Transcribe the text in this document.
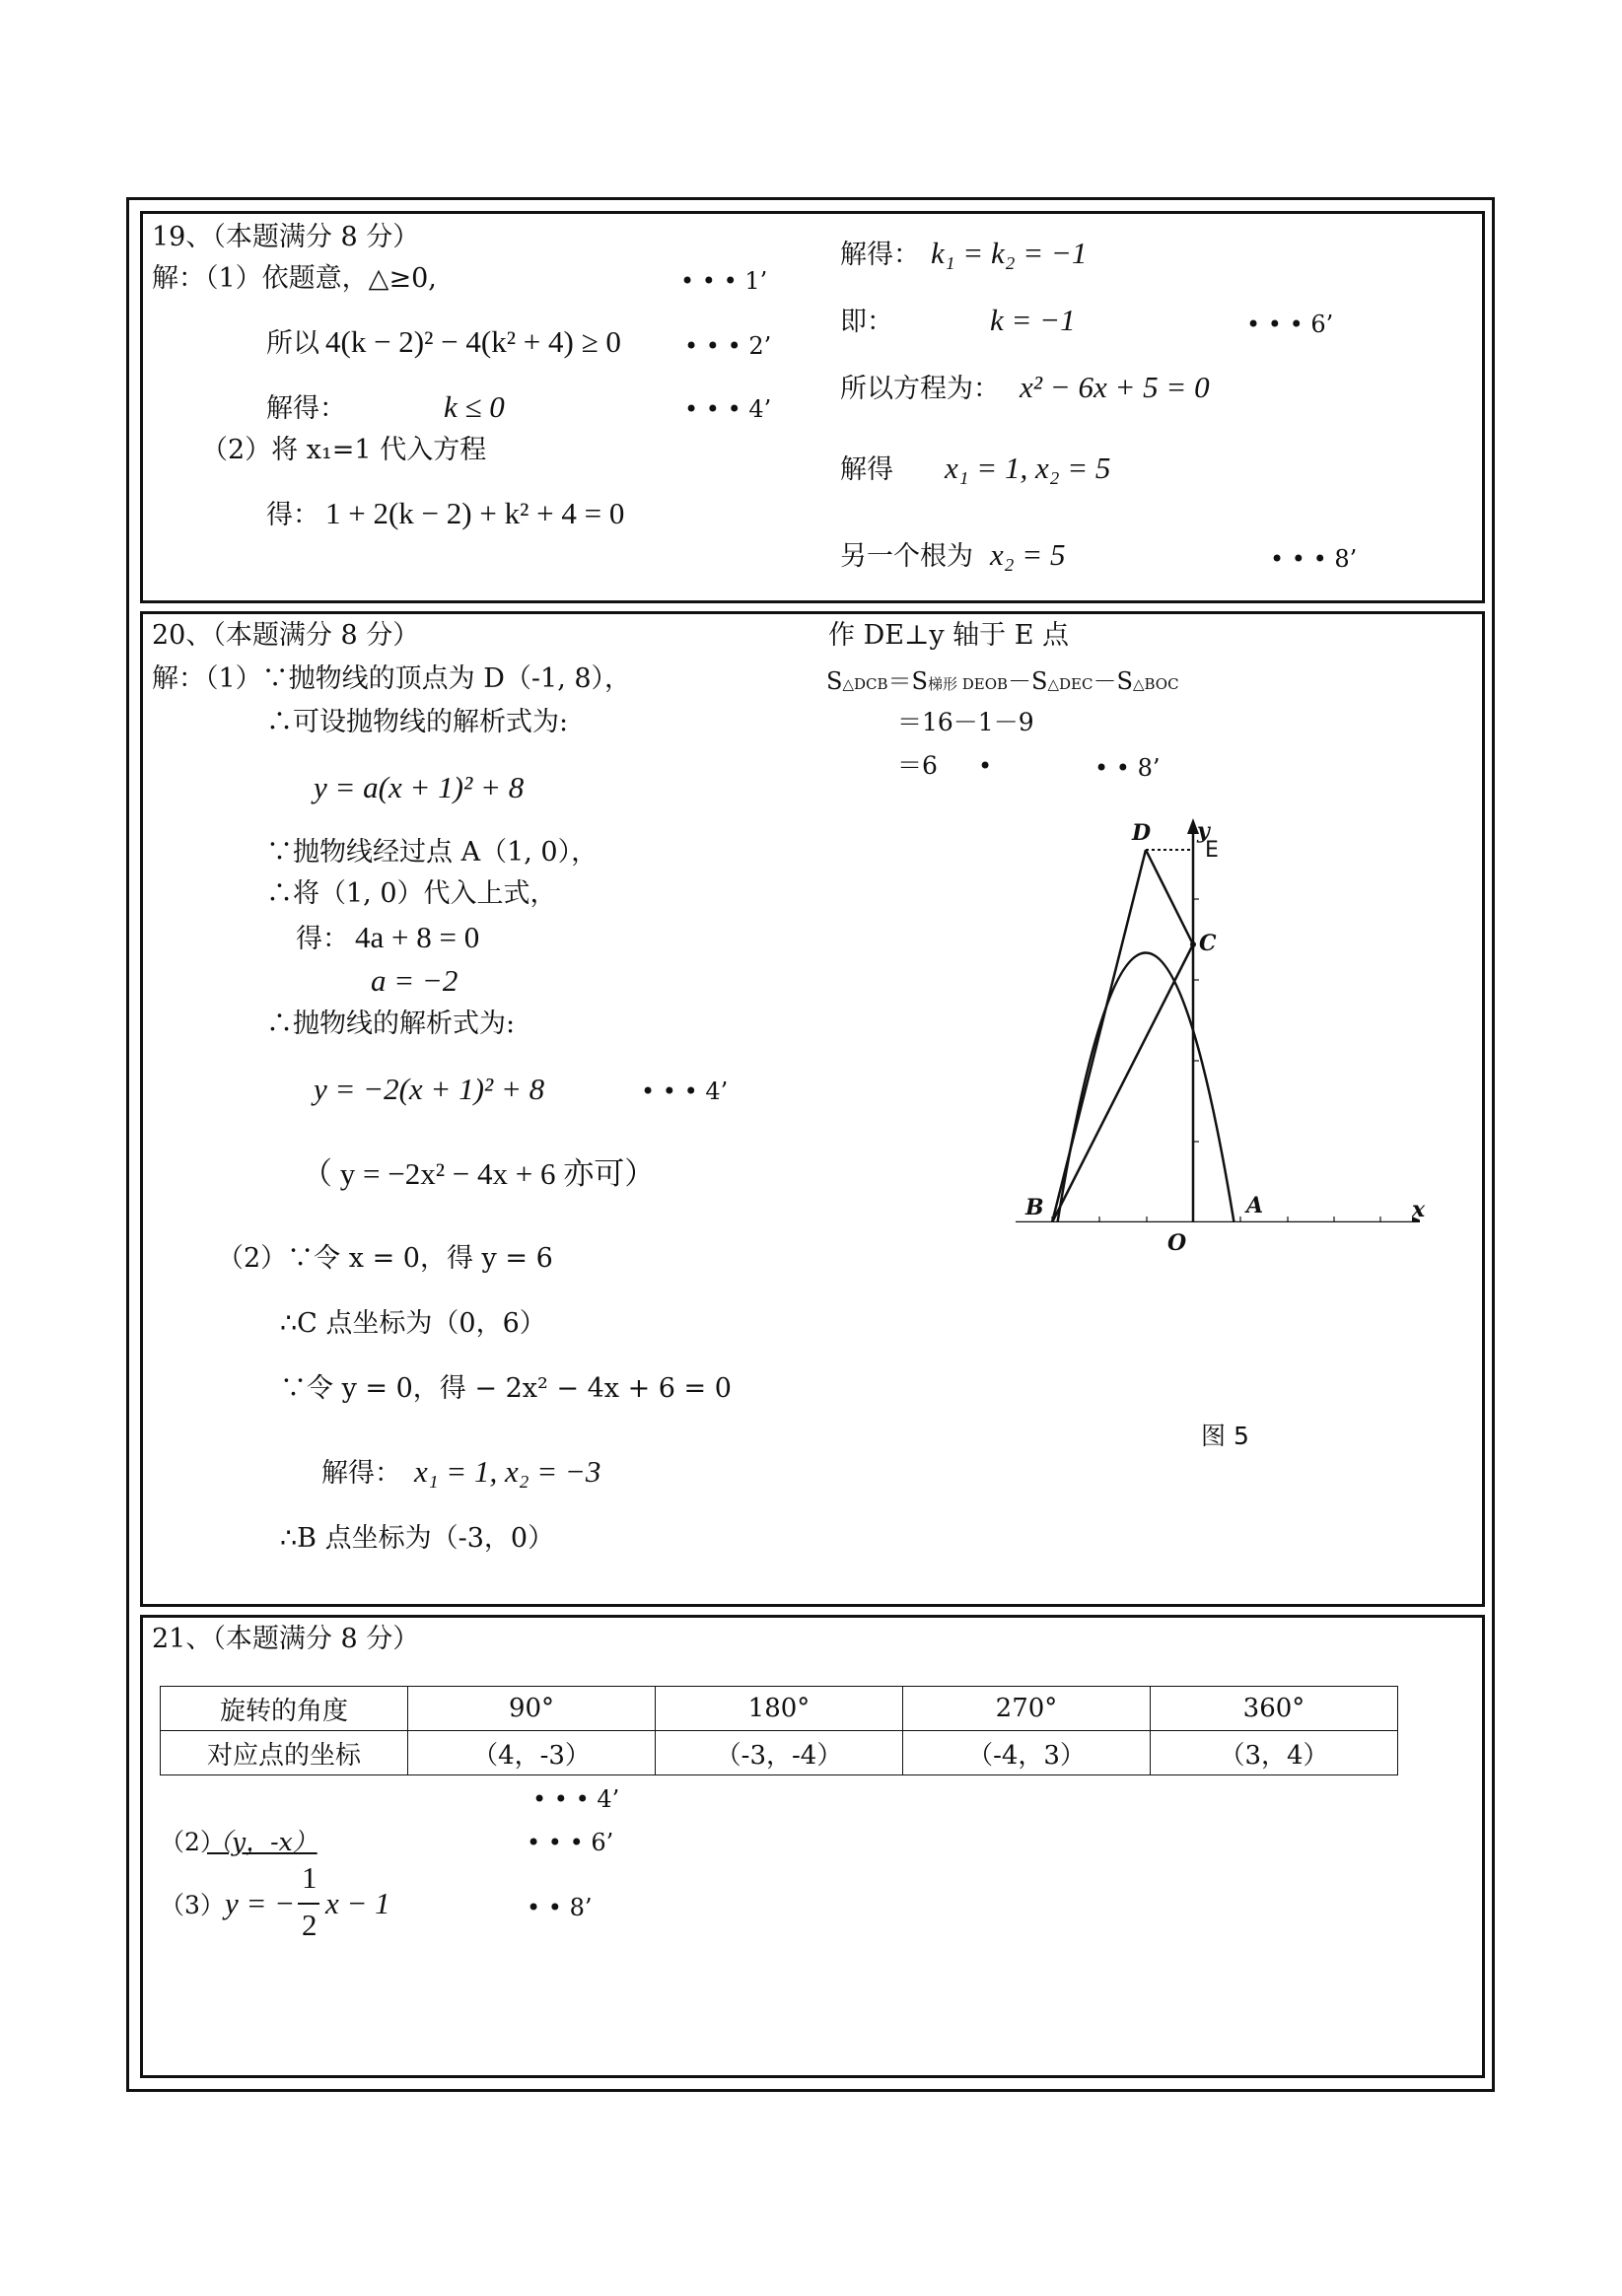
19、（本题满分 8 分）
解：（1）依题意，△≥0,	• • • 1’
所以 4(k − 2)² − 4(k² + 4) ≥ 0	• • • 2’
解得：	k ≤ 0	• • • 4’
（2）将 x₁=1 代入方程
得： 1 + 2(k − 2) + k² + 4 = 0
解得： k₁ = k₂ = −1
即：	k = −1	• • • 6’
所以方程为： x² − 6x + 5 = 0
解得 x₁ = 1, x₂ = 5
另一个根为 x₂ = 5	• • • 8’
20、（本题满分 8 分）
解：（1）∵抛物线的顶点为 D（-1, 8），
∴可设抛物线的解析式为:
y = a(x + 1)² + 8
∵抛物线经过点 A（1, 0），
∴将（1, 0）代入上式，
得： 4a + 8 = 0
a = −2
∴抛物线的解析式为:
y = −2(x + 1)² + 8	• • • 4’
（ y = −2x² − 4x + 6 亦可）
（2）∵令 x = 0，得 y = 6
∴C 点坐标为（0，6）
∵令 y = 0，得 − 2x² − 4x + 6 = 0
解得： x₁ = 1, x₂ = −3
∴B 点坐标为（-3，0）
作 DE⊥y 轴于 E 点
S△DCB＝S梯形 DEOB－S△DEC－S△BOC
＝16－1－9
＝6 •	• • 8’
D y
E
C
B	A
O
x
图 5
21、（本题满分 8 分）
旋转的角度	90°	180°	270°	360°
对应点的坐标	（4，-3）	（-3，-4）	（-4，3）	（3，4）
• • • 4’
（2）
（y，-x）	• • • 6’
（3） y = −
1
2
x − 1	• • 8’
